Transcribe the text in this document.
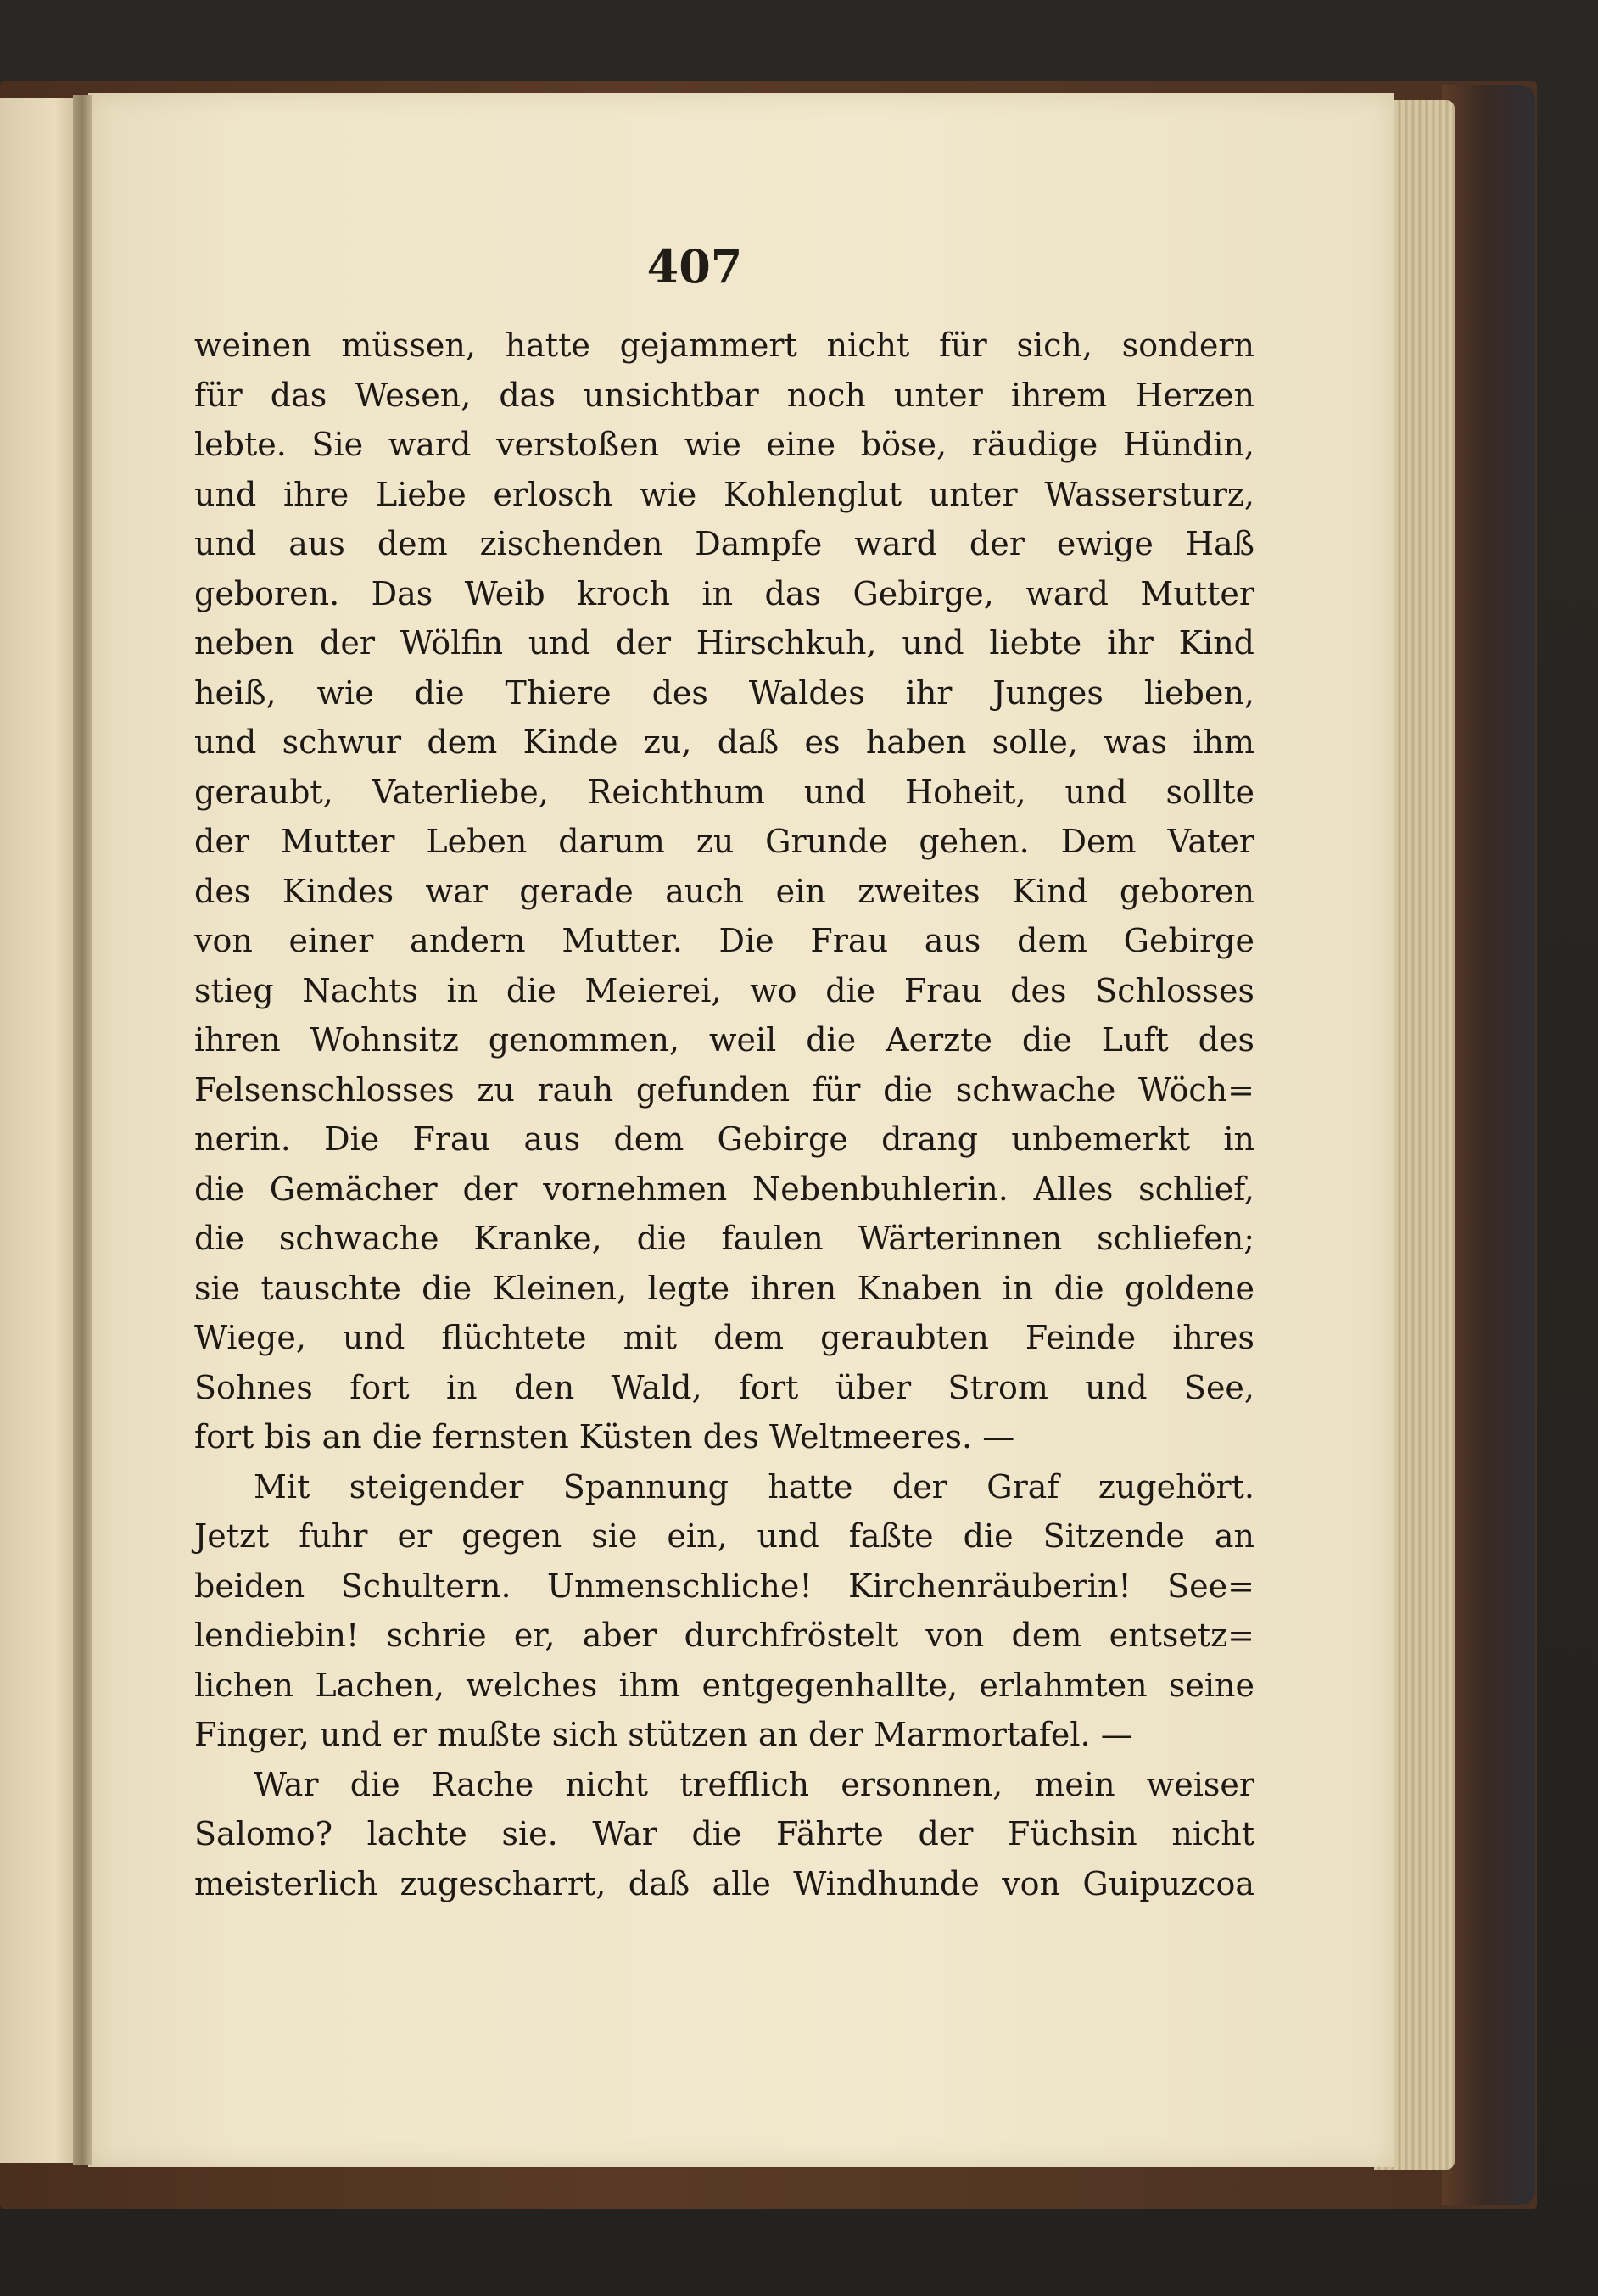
407
weinen müssen, hatte gejammert nicht für sich, sondern
für das Wesen, das unsichtbar noch unter ihrem Herzen
lebte. Sie ward verstoßen wie eine böse, räudige Hündin,
und ihre Liebe erlosch wie Kohlenglut unter Wassersturz,
und aus dem zischenden Dampfe ward der ewige Haß
geboren. Das Weib kroch in das Gebirge, ward Mutter
neben der Wölfin und der Hirschkuh, und liebte ihr Kind
heiß, wie die Thiere des Waldes ihr Junges lieben,
und schwur dem Kinde zu, daß es haben solle, was ihm
geraubt, Vaterliebe, Reichthum und Hoheit, und sollte
der Mutter Leben darum zu Grunde gehen. Dem Vater
des Kindes war gerade auch ein zweites Kind geboren
von einer andern Mutter. Die Frau aus dem Gebirge
stieg Nachts in die Meierei, wo die Frau des Schlosses
ihren Wohnsitz genommen, weil die Aerzte die Luft des
Felsenschlosses zu rauh gefunden für die schwache Wöch=
nerin. Die Frau aus dem Gebirge drang unbemerkt in
die Gemächer der vornehmen Nebenbuhlerin. Alles schlief,
die schwache Kranke, die faulen Wärterinnen schliefen;
sie tauschte die Kleinen, legte ihren Knaben in die goldene
Wiege, und flüchtete mit dem geraubten Feinde ihres
Sohnes fort in den Wald, fort über Strom und See,
fort bis an die fernsten Küsten des Weltmeeres. —
Mit steigender Spannung hatte der Graf zugehört.
Jetzt fuhr er gegen sie ein, und faßte die Sitzende an
beiden Schultern. Unmenschliche! Kirchenräuberin! See=
lendiebin! schrie er, aber durchfröstelt von dem entsetz=
lichen Lachen, welches ihm entgegenhallte, erlahmten seine
Finger, und er mußte sich stützen an der Marmortafel. —
War die Rache nicht trefflich ersonnen, mein weiser
Salomo? lachte sie. War die Fährte der Füchsin nicht
meisterlich zugescharrt, daß alle Windhunde von Guipuzcoa
